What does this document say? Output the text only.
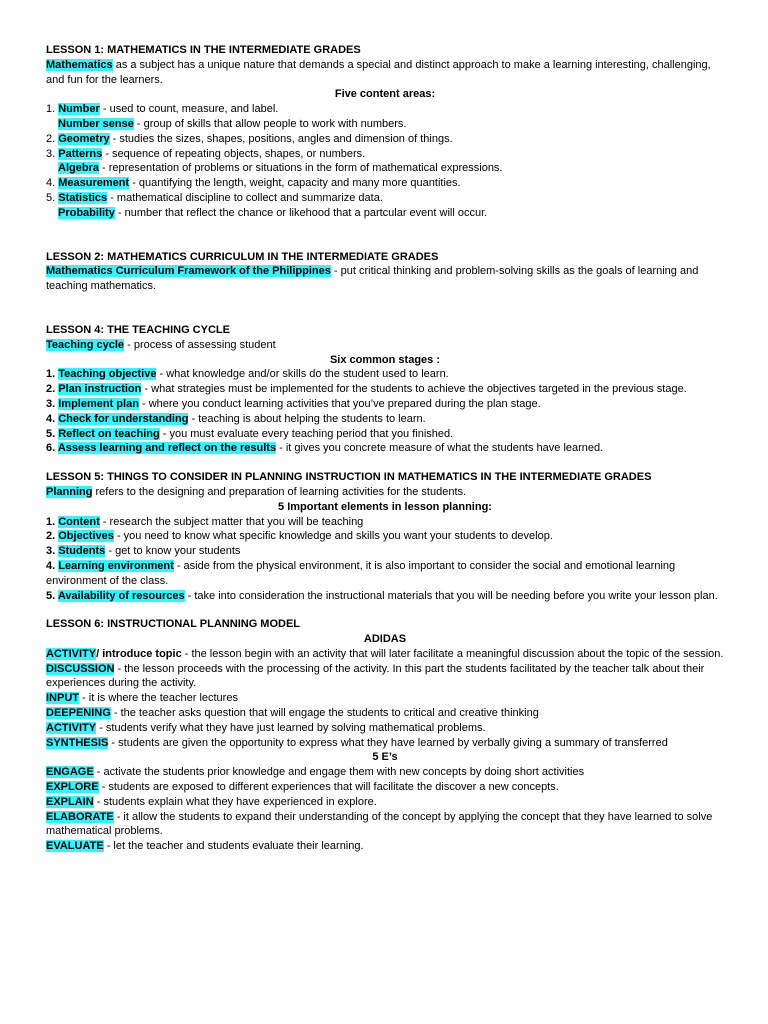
LESSON 1: MATHEMATICS IN THE INTERMEDIATE GRADES
Mathematics as a subject has a unique nature that demands a special and distinct approach to make a learning interesting, challenging, and fun for the learners.
Five content areas:
1. Number - used to count, measure, and label.
Number sense - group of skills that allow people to work with numbers.
2. Geometry - studies the sizes, shapes, positions, angles and dimension of things.
3. Patterns - sequence of repeating objects, shapes, or numbers.
Algebra - representation of problems or situations in the form of mathematical expressions.
4. Measurement - quantifying the length, weight, capacity and many more quantities.
5. Statistics - mathematical discipline to collect and summarize data.
Probability - number that reflect the chance or likehood that a partcular event will occur.
LESSON 2: MATHEMATICS CURRICULUM IN THE INTERMEDIATE GRADES
Mathematics Curriculum Framework of the Philippines - put critical thinking and problem-solving skills as the goals of learning and teaching mathematics.
LESSON 4: THE TEACHING CYCLE
Teaching cycle - process of assessing student
Six common stages :
1. Teaching objective - what knowledge and/or skills do the student used to learn.
2. Plan instruction - what strategies must be implemented for the students to achieve the objectives targeted in the previous stage.
3. Implement plan - where you conduct learning activities that you’ve prepared during the plan stage.
4. Check for understanding - teaching is about helping the students to learn.
5. Reflect on teaching - you must evaluate every teaching period that you finished.
6. Assess learning and reflect on the results - it gives you concrete measure of what the students have learned.
LESSON 5: THINGS TO CONSIDER IN PLANNING INSTRUCTION IN MATHEMATICS IN THE INTERMEDIATE GRADES
Planning refers to the designing and preparation of learning activities for the students.
5 Important elements in lesson planning:
1. Content - research the subject matter that you will be teaching
2. Objectives - you need to know what specific knowledge and skills you want your students to develop.
3. Students - get to know your students
4. Learning environment - aside from the physical environment, it is also important to consider the social and emotional learning environment of the class.
5. Availability of resources - take into consideration the instructional materials that you will be needing before you write your lesson plan.
LESSON 6: INSTRUCTIONAL PLANNING MODEL
ADIDAS
ACTIVITY/ introduce topic - the lesson begin with an activity that will later facilitate a meaningful discussion about the topic of the session.
DISCUSSION - the lesson proceeds with the processing of the activity. In this part the students facilitated by the teacher talk about their experiences during the activity.
INPUT - it is where the teacher lectures
DEEPENING - the teacher asks question that will engage the students to critical and creative thinking
ACTIVITY - students verify what they have just learned by solving mathematical problems.
SYNTHESIS - students are given the opportunity to express what they have learned by verbally giving a summary of transferred
5 E’s
ENGAGE - activate the students prior knowledge and engage them with new concepts by doing short activities
EXPLORE - students are exposed to different experiences that will facilitate the discover a new concepts.
EXPLAIN - students explain what they have experienced in explore.
ELABORATE - it allow the students to expand their understanding of the concept by applying the concept that they have learned to solve mathematical problems.
EVALUATE - let the teacher and students evaluate their learning.
